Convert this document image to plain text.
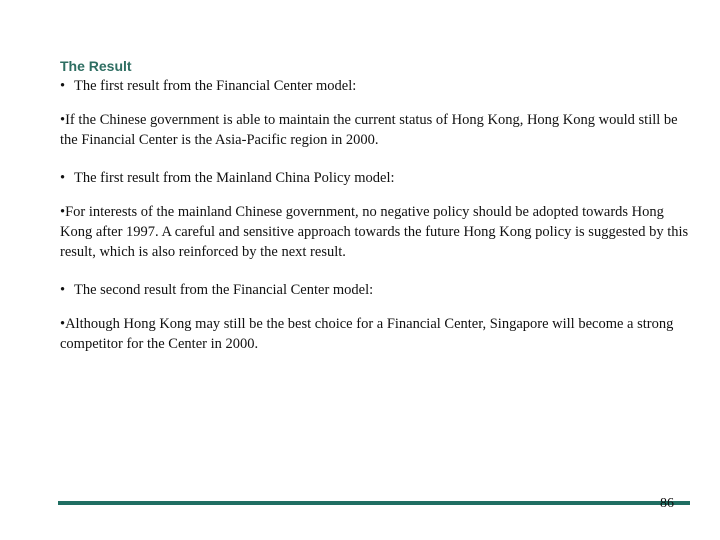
The Result

• The first result from the Financial Center model:

•If the Chinese government is able to maintain the current status of Hong Kong, Hong Kong would still be the Financial Center is the Asia-Pacific region in 2000.

• The first result from the Mainland China Policy model:

•For interests of the mainland Chinese government, no negative policy should be adopted towards Hong Kong after 1997. A careful and sensitive approach towards the future Hong Kong policy is suggested by this result, which is also reinforced by the next result.

• The second result from the Financial Center model:

•Although Hong Kong may still be the best choice for a Financial Center, Singapore will become a strong competitor for the Center in 2000.

86
